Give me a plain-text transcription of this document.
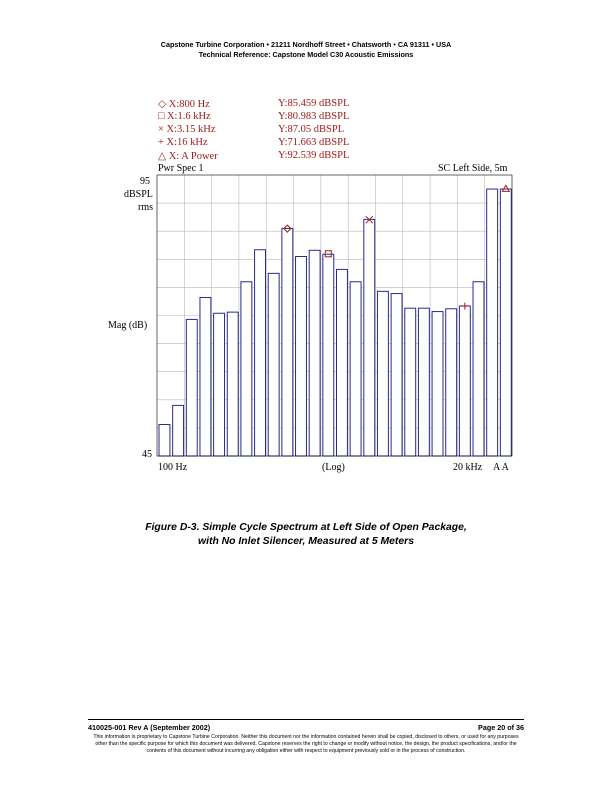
Capstone Turbine Corporation • 21211 Nordhoff Street • Chatsworth • CA 91311 • USA
Technical Reference: Capstone Model C30 Acoustic Emissions
◇ X:800 Hz	Y:85.459 dBSPL
□ X:1.6 kHz	Y:80.983 dBSPL
× X:3.15 kHz	Y:87.05 dBSPL
+ X:16 kHz	Y:71.663 dBSPL
△ X: A Power	Y:92.539 dBSPL
Pwr Spec 1	SC Left Side, 5m
95
dBSPL
rms
Mag (dB)
45
100 Hz	(Log)	20 kHz A A
Figure D-3. Simple Cycle Spectrum at Left Side of Open Package,
with No Inlet Silencer, Measured at 5 Meters
410025-001 Rev A (September 2002)	Page 20 of 36
This information is proprietary to Capstone Turbine Corporation. Neither this document nor the information contained herein shall be copied, disclosed to others, or used for any purposes other than the specific purpose for which this document was delivered. Capstone reserves the right to change or modify without notice, the design, the product specifications, and/or the contents of this document without incurring any obligation either with respect to equipment previously sold or in the process of construction.
